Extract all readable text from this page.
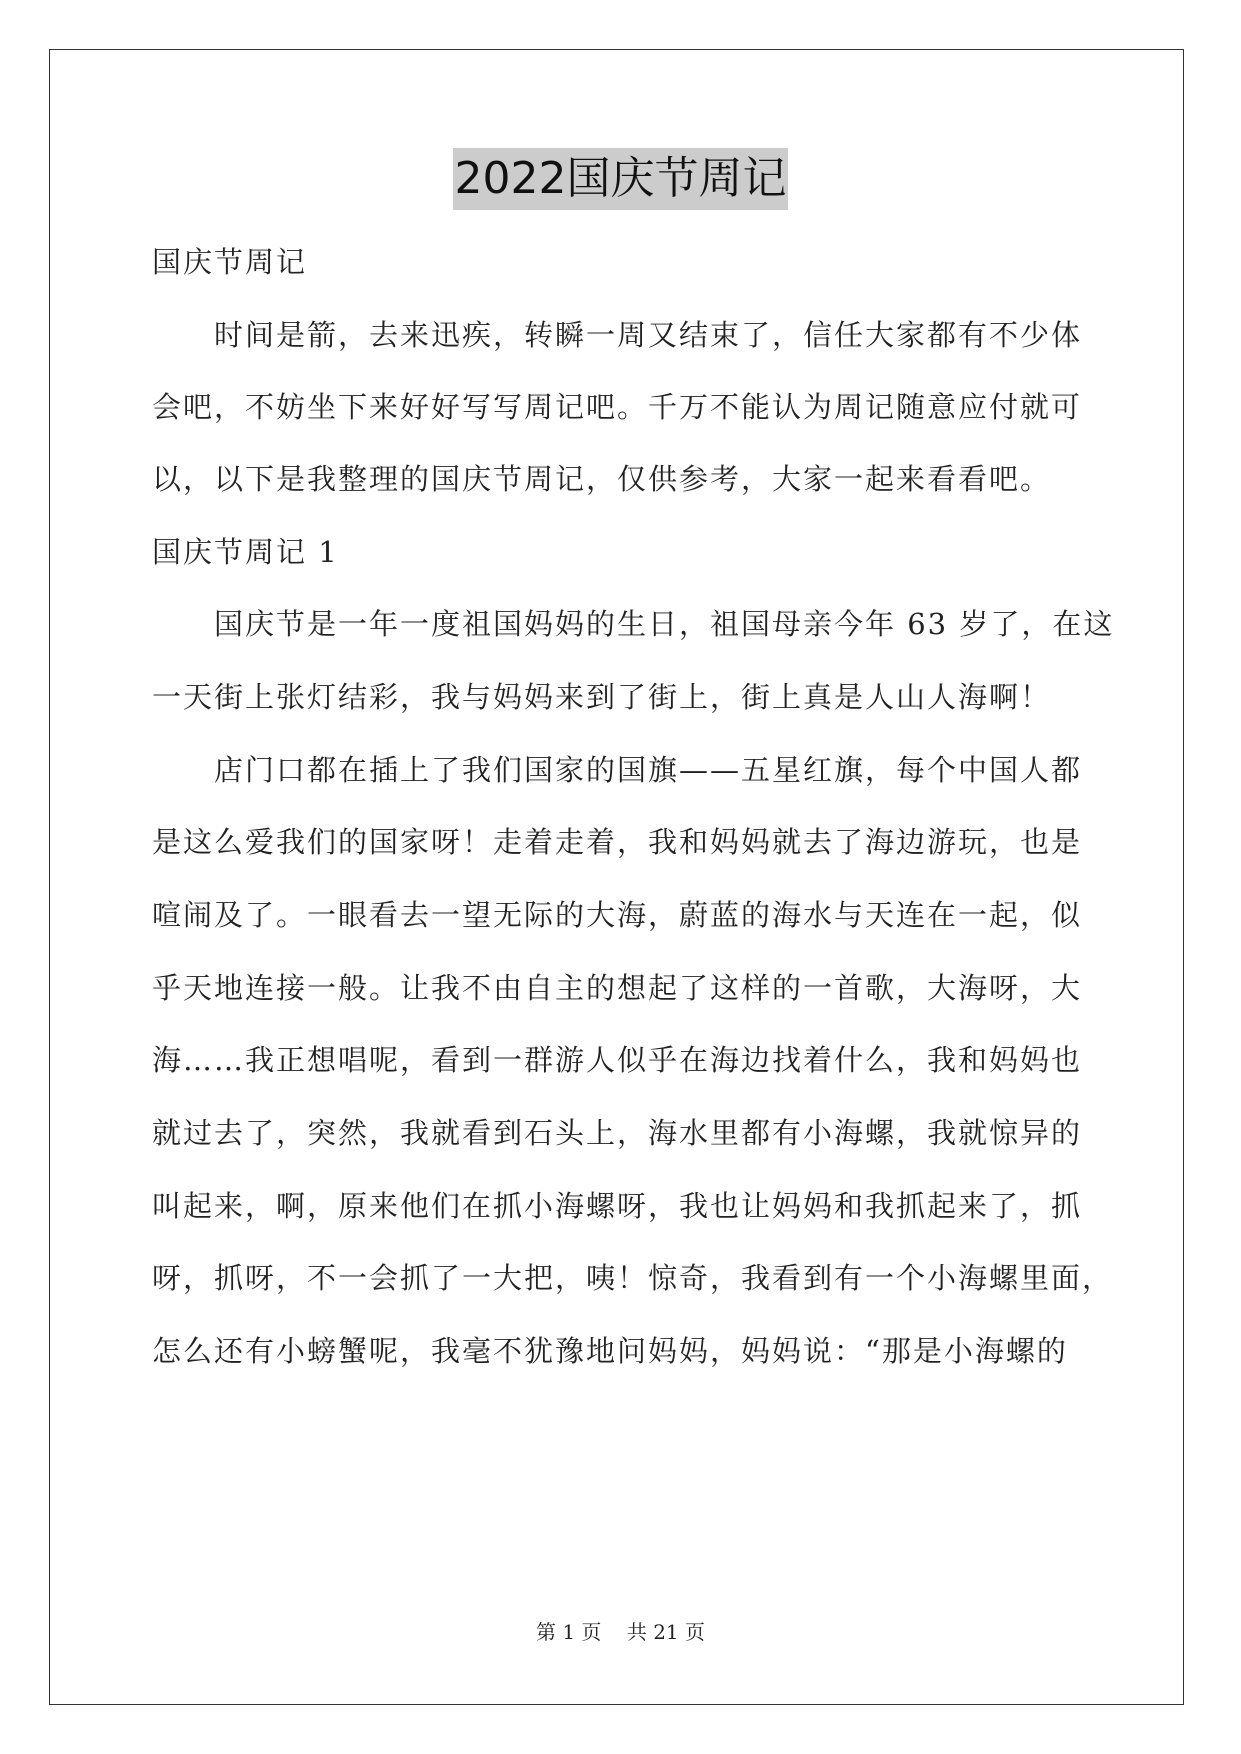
2022国庆节周记
国庆节周记
时间是箭，去来迅疾，转瞬一周又结束了，信任大家都有不少体
会吧，不妨坐下来好好写写周记吧。千万不能认为周记随意应付就可
以，以下是我整理的国庆节周记，仅供参考，大家一起来看看吧。
国庆节周记 1
国庆节是一年一度祖国妈妈的生日，祖国母亲今年 63 岁了，在这
一天街上张灯结彩，我与妈妈来到了街上，街上真是人山人海啊！
店门口都在插上了我们国家的国旗——五星红旗，每个中国人都
是这么爱我们的国家呀！走着走着，我和妈妈就去了海边游玩，也是
喧闹及了。一眼看去一望无际的大海，蔚蓝的海水与天连在一起，似
乎天地连接一般。让我不由自主的想起了这样的一首歌，大海呀，大
海……我正想唱呢，看到一群游人似乎在海边找着什么，我和妈妈也
就过去了，突然，我就看到石头上，海水里都有小海螺，我就惊异的
叫起来，啊，原来他们在抓小海螺呀，我也让妈妈和我抓起来了，抓
呀，抓呀，不一会抓了一大把，咦！惊奇，我看到有一个小海螺里面，
怎么还有小螃蟹呢，我毫不犹豫地问妈妈，妈妈说：“那是小海螺的
第 1 页    共 21 页
